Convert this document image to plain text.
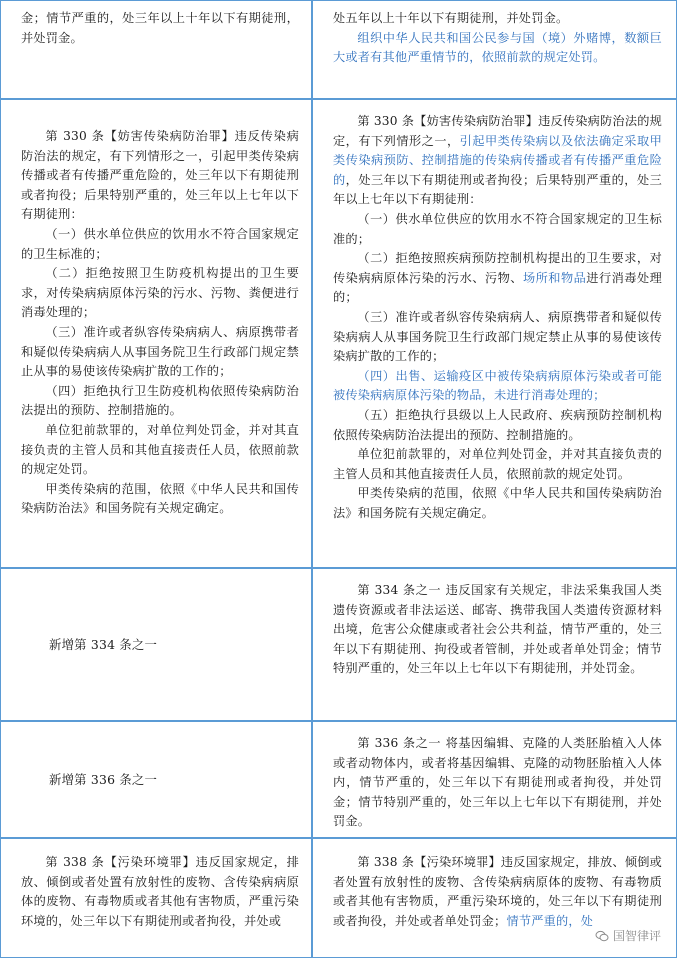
金；情节严重的，处三年以上十年以下有期徒刑，并处罚金。

处五年以上十年以下有期徒刑，并处罚金。

组织中华人民共和国公民参与国（境）外赌博，数额巨大或者有其他严重情节的，依照前款的规定处罚。

第 330 条【妨害传染病防治罪】违反传染病防治法的规定，有下列情形之一，引起甲类传染病传播或者有传播严重危险的，处三年以下有期徒刑或者拘役；后果特别严重的，处三年以上七年以下有期徒刑：

（一）供水单位供应的饮用水不符合国家规定的卫生标准的；

（二）拒绝按照卫生防疫机构提出的卫生要求，对传染病病原体污染的污水、污物、粪便进行消毒处理的；

（三）准许或者纵容传染病病人、病原携带者和疑似传染病病人从事国务院卫生行政部门规定禁止从事的易使该传染病扩散的工作的；

（四）拒绝执行卫生防疫机构依照传染病防治法提出的预防、控制措施的。

单位犯前款罪的，对单位判处罚金，并对其直接负责的主管人员和其他直接责任人员，依照前款的规定处罚。

甲类传染病的范围，依照《中华人民共和国传染病防治法》和国务院有关规定确定。

第 330 条【妨害传染病防治罪】违反传染病防治法的规定，有下列情形之一，引起甲类传染病以及依法确定采取甲类传染病预防、控制措施的传染病传播或者有传播严重危险的，处三年以下有期徒刑或者拘役；后果特别严重的，处三年以上七年以下有期徒刑：

（一）供水单位供应的饮用水不符合国家规定的卫生标准的；

（二）拒绝按照疾病预防控制机构提出的卫生要求，对传染病病原体污染的污水、污物、场所和物品进行消毒处理的；

（三）准许或者纵容传染病病人、病原携带者和疑似传染病病人从事国务院卫生行政部门规定禁止从事的易使该传染病扩散的工作的；

（四）出售、运输疫区中被传染病病原体污染或者可能被传染病病原体污染的物品，未进行消毒处理的；

（五）拒绝执行县级以上人民政府、疾病预防控制机构依照传染病防治法提出的预防、控制措施的。

单位犯前款罪的，对单位判处罚金，并对其直接负责的主管人员和其他直接责任人员，依照前款的规定处罚。

甲类传染病的范围，依照《中华人民共和国传染病防治法》和国务院有关规定确定。

新增第 334 条之一

第 334 条之一 违反国家有关规定，非法采集我国人类遗传资源或者非法运送、邮寄、携带我国人类遗传资源材料出境，危害公众健康或者社会公共利益，情节严重的，处三年以下有期徒刑、拘役或者管制，并处或者单处罚金；情节特别严重的，处三年以上七年以下有期徒刑，并处罚金。

新增第 336 条之一

第 336 条之一 将基因编辑、克隆的人类胚胎植入人体或者动物体内，或者将基因编辑、克隆的动物胚胎植入人体内，情节严重的，处三年以下有期徒刑或者拘役，并处罚金；情节特别严重的，处三年以上七年以下有期徒刑，并处罚金。

第 338 条【污染环境罪】违反国家规定，排放、倾倒或者处置有放射性的废物、含传染病病原体的废物、有毒物质或者其他有害物质，严重污染环境的，处三年以下有期徒刑或者拘役，并处或

第 338 条【污染环境罪】违反国家规定，排放、倾倒或者处置有放射性的废物、含传染病病原体的废物、有毒物质或者其他有害物质，严重污染环境的，处三年以下有期徒刑或者拘役，并处或者单处罚金；情节严重的，处

国智律评
